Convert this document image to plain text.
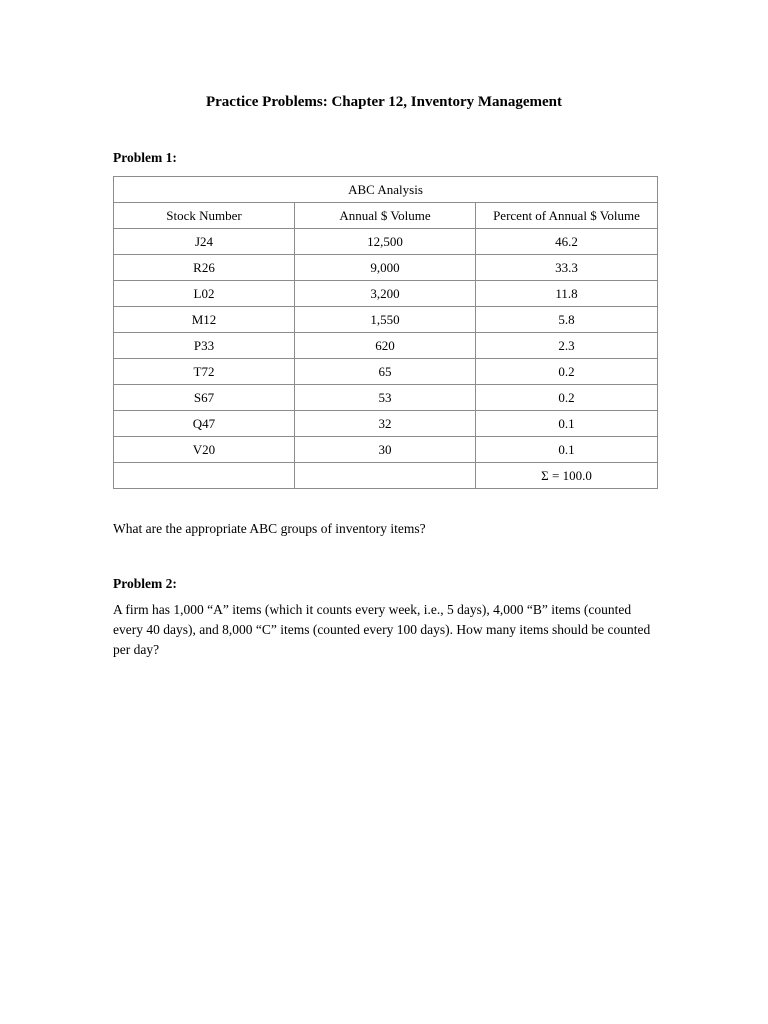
Practice Problems: Chapter 12, Inventory Management
Problem 1:
ABC Analysis		
Stock Number	Annual $ Volume	Percent of Annual $ Volume
J24	12,500	46.2
R26	9,000	33.3
L02	3,200	11.8
M12	1,550	5.8
P33	620	2.3
T72	65	0.2
S67	53	0.2
Q47	32	0.1
V20	30	0.1
		Σ = 100.0
What are the appropriate ABC groups of inventory items?
Problem 2:
A firm has 1,000 “A” items (which it counts every week, i.e., 5 days), 4,000 “B” items (counted every 40 days), and 8,000 “C” items (counted every 100 days). How many items should be counted per day?
